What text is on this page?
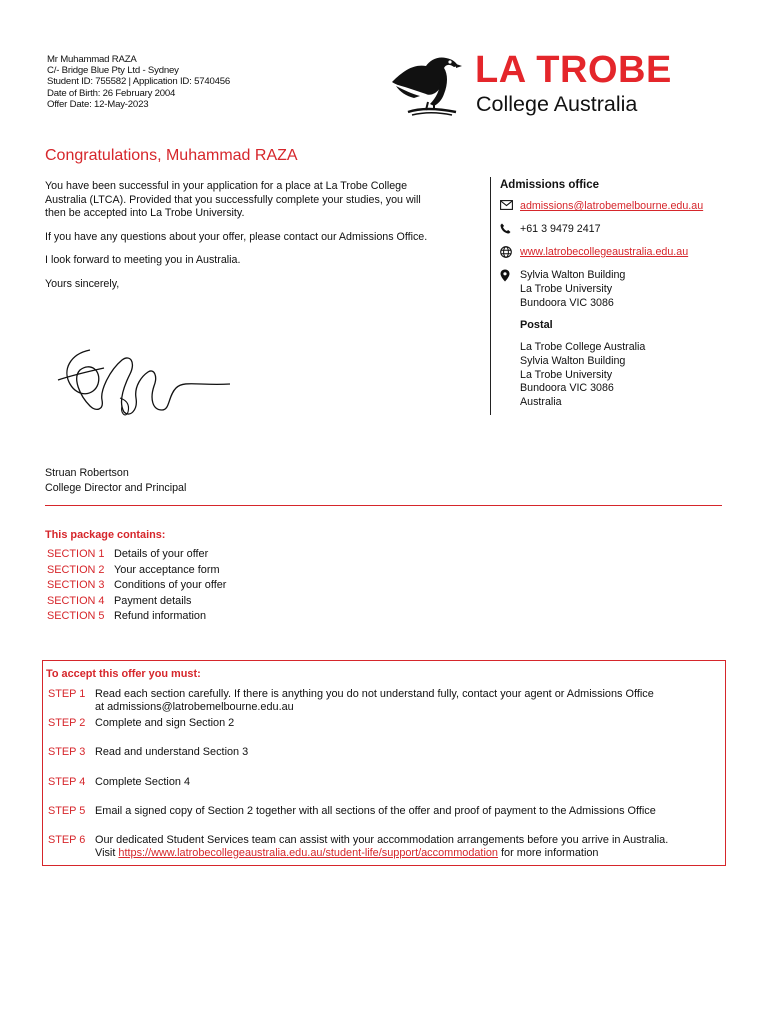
Mr Muhammad RAZA
C/- Bridge Blue Pty Ltd - Sydney
Student ID: 755582 | Application ID: 5740456
Date of Birth: 26 February 2004
Offer Date: 12-May-2023
LA TROBE
College Australia
Congratulations, Muhammad RAZA

You have been successful in your application for a place at La Trobe College Australia (LTCA). Provided that you successfully complete your studies, you will then be accepted into La Trobe University.

If you have any questions about your offer, please contact our Admissions Office.

I look forward to meeting you in Australia.

Yours sincerely,

Struan Robertson
College Director and Principal
Admissions office
admissions@latrobemelbourne.edu.au
+61 3 9479 2417
www.latrobecollegeaustralia.edu.au
Sylvia Walton Building
La Trobe University
Bundoora VIC 3086
Postal
La Trobe College Australia
Sylvia Walton Building
La Trobe University
Bundoora VIC 3086
Australia
This package contains:
SECTION 1 Details of your offer
SECTION 2 Your acceptance form
SECTION 3 Conditions of your offer
SECTION 4 Payment details
SECTION 5 Refund information
To accept this offer you must:
STEP 1 Read each section carefully. If there is anything you do not understand fully, contact your agent or Admissions Office
at admissions@latrobemelbourne.edu.au
STEP 2 Complete and sign Section 2
STEP 3 Read and understand Section 3
STEP 4 Complete Section 4
STEP 5 Email a signed copy of Section 2 together with all sections of the offer and proof of payment to the Admissions Office
STEP 6 Our dedicated Student Services team can assist with your accommodation arrangements before you arrive in Australia.
Visit https://www.latrobecollegeaustralia.edu.au/student-life/support/accommodation for more information
